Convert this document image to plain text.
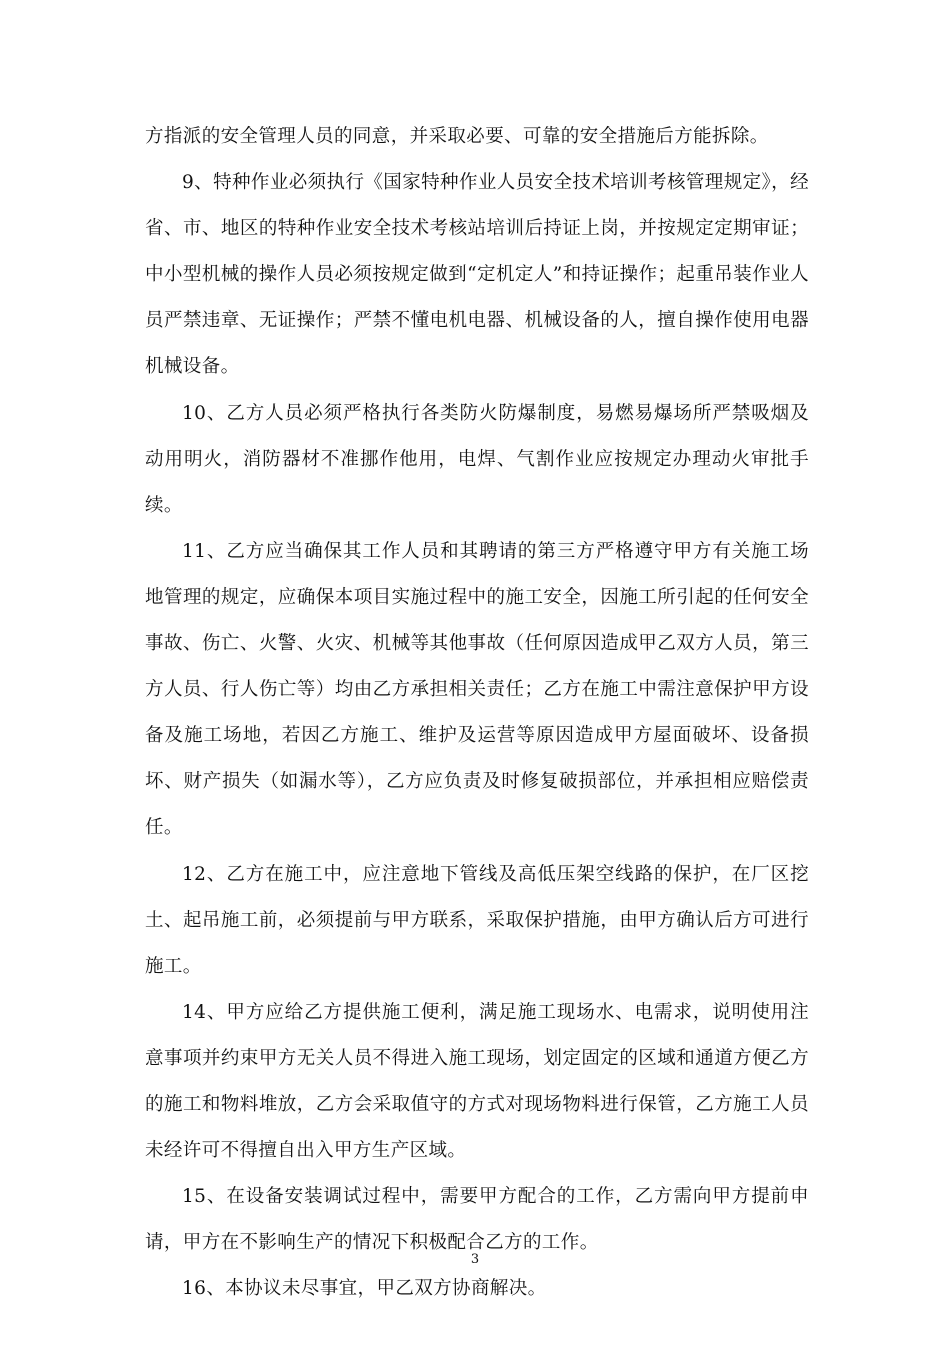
方指派的安全管理人员的同意，并采取必要、可靠的安全措施后方能拆除。

9、特种作业必须执行《国家特种作业人员安全技术培训考核管理规定》，经省、市、地区的特种作业安全技术考核站培训后持证上岗，并按规定定期审证；中小型机械的操作人员必须按规定做到“定机定人”和持证操作；起重吊装作业人员严禁违章、无证操作；严禁不懂电机电器、机械设备的人，擅自操作使用电器机械设备。

10、乙方人员必须严格执行各类防火防爆制度，易燃易爆场所严禁吸烟及动用明火，消防器材不准挪作他用，电焊、气割作业应按规定办理动火审批手续。

11、乙方应当确保其工作人员和其聘请的第三方严格遵守甲方有关施工场地管理的规定，应确保本项目实施过程中的施工安全，因施工所引起的任何安全事故、伤亡、火警、火灾、机械等其他事故（任何原因造成甲乙双方人员，第三方人员、行人伤亡等）均由乙方承担相关责任；乙方在施工中需注意保护甲方设备及施工场地，若因乙方施工、维护及运营等原因造成甲方屋面破坏、设备损坏、财产损失（如漏水等），乙方应负责及时修复破损部位，并承担相应赔偿责任。

12、乙方在施工中，应注意地下管线及高低压架空线路的保护，在厂区挖土、起吊施工前，必须提前与甲方联系，采取保护措施，由甲方确认后方可进行施工。

14、甲方应给乙方提供施工便利，满足施工现场水、电需求，说明使用注意事项并约束甲方无关人员不得进入施工现场，划定固定的区域和通道方便乙方的施工和物料堆放，乙方会采取值守的方式对现场物料进行保管，乙方施工人员未经许可不得擅自出入甲方生产区域。

15、在设备安装调试过程中，需要甲方配合的工作，乙方需向甲方提前申请，甲方在不影响生产的情况下积极配合乙方的工作。

16、本协议未尽事宜，甲乙双方协商解决。

3
